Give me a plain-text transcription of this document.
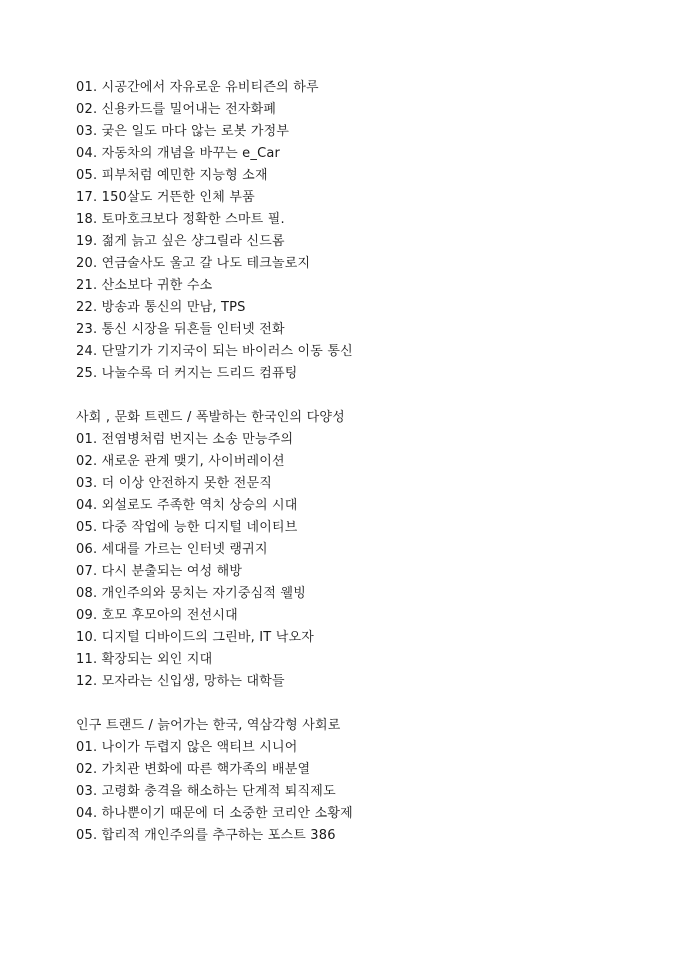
01. 시공간에서 자유로운 유비티즌의 하루
02. 신용카드를 밀어내는 전자화폐
03. 궂은 일도 마다 않는 로봇 가정부
04. 자동차의 개념을 바꾸는 e_Car
05. 피부처럼 예민한 지능형 소재
17. 150살도 거뜬한 인체 부품
18. 토마호크보다 정확한 스마트 필.
19. 젊게 늙고 싶은 샹그릴라 신드롬
20. 연금술사도 울고 갈 나도 테크놀로지
21. 산소보다 귀한 수소
22. 방송과 통신의 만남, TPS
23. 통신 시장을 뒤흔들 인터넷 전화
24. 단말기가 기지국이 되는 바이러스 이동 통신
25. 나눌수록 더 커지는 드리드 컴퓨팅
사회 , 문화 트렌드 / 폭발하는 한국인의 다양성
01. 전염병처럼 번지는 소송 만능주의
02. 새로운 관계 맺기, 사이버레이션
03. 더 이상 안전하지 못한 전문직
04. 외설로도 주족한 역치 상승의 시대
05. 다중 작업에 능한 디지털 네이티브
06. 세대를 가르는 인터넷 랭귀지
07. 다시 분출되는 여성 해방
08. 개인주의와 뭉치는 자기중심적 웰빙
09. 호모 후모아의 전선시대
10. 디지털 디바이드의 그린바, IT 낙오자
11. 확장되는 외인 지대
12. 모자라는 신입생, 망하는 대학들
인구 트랜드 / 늙어가는 한국, 역삼각형 사회로
01. 나이가 두렵지 않은 액티브 시니어
02. 가치관 변화에 따른 핵가족의 배분열
03. 고령화 충격을 해소하는 단계적 퇴직제도
04. 하나뿐이기 때문에 더 소중한 코리안 소황제
05. 합리적 개인주의를 추구하는 포스트 386
